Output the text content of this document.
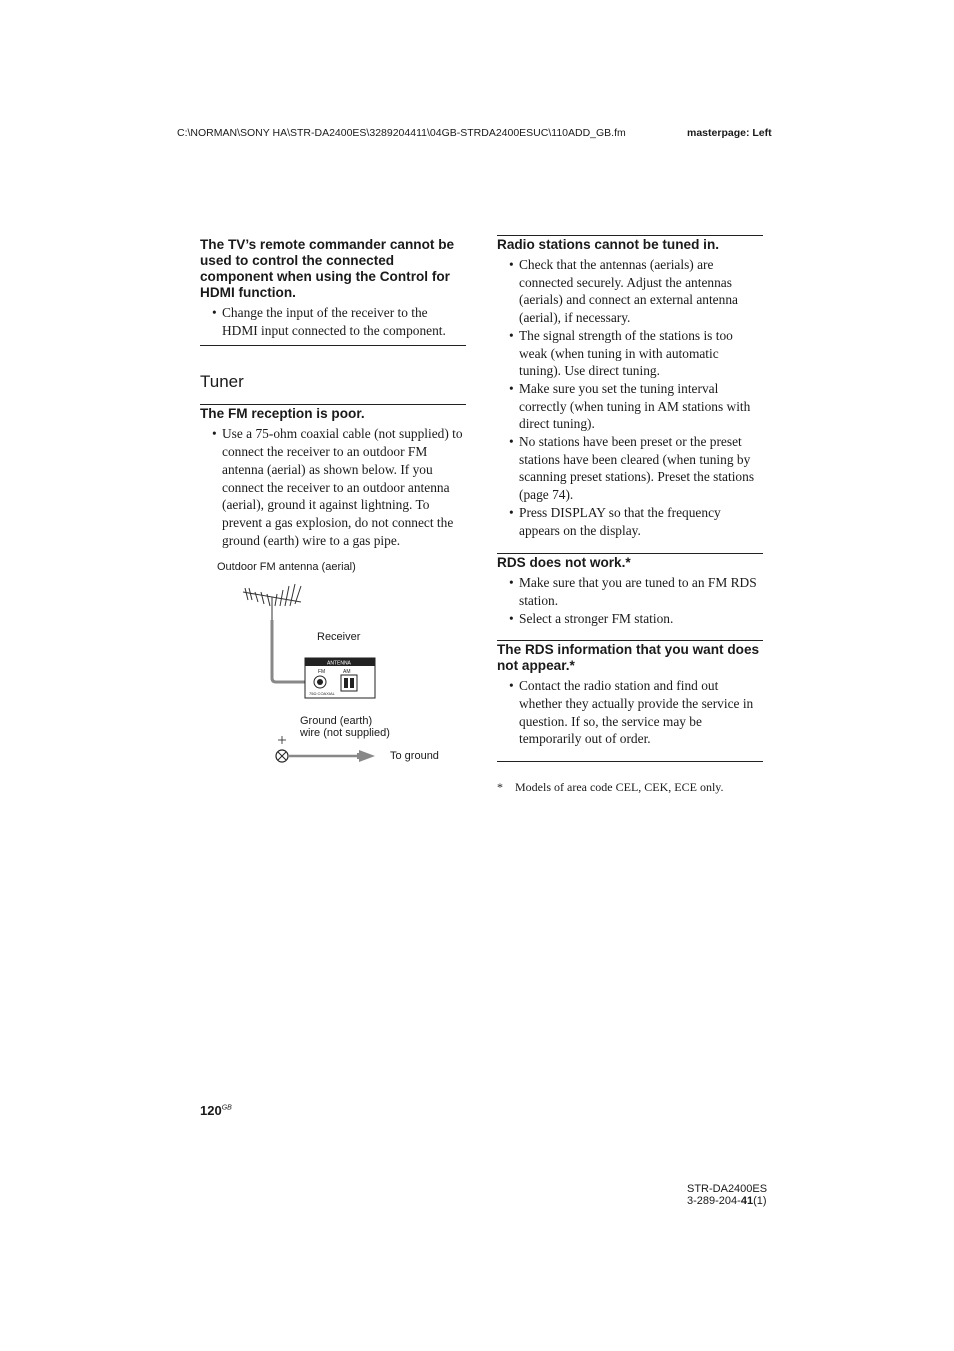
C:\NORMAN\SONY HA\STR-DA2400ES\3289204411\04GB-STRDA2400ESUC\110ADD_GB.fm	masterpage: Left
The TV’s remote commander cannot be used to control the connected component when using the Control for HDMI function.
• Change the input of the receiver to the HDMI input connected to the component.
Tuner
The FM reception is poor.
• Use a 75-ohm coaxial cable (not supplied) to connect the receiver to an outdoor FM antenna (aerial) as shown below. If you connect the receiver to an outdoor antenna (aerial), ground it against lightning. To prevent a gas explosion, do not connect the ground (earth) wire to a gas pipe.
Outdoor FM antenna (aerial)
Receiver
Ground (earth)
wire (not supplied)
To ground
ANTENNA
FM
75Ω COAXIAL
AM
Radio stations cannot be tuned in.
• Check that the antennas (aerials) are connected securely. Adjust the antennas (aerials) and connect an external antenna (aerial), if necessary.
• The signal strength of the stations is too weak (when tuning in with automatic tuning). Use direct tuning.
• Make sure you set the tuning interval correctly (when tuning in AM stations with direct tuning).
• No stations have been preset or the preset stations have been cleared (when tuning by scanning preset stations). Preset the stations (page 74).
• Press DISPLAY so that the frequency appears on the display.
RDS does not work.*
• Make sure that you are tuned to an FM RDS station.
• Select a stronger FM station.
The RDS information that you want does not appear.*
• Contact the radio station and find out whether they actually provide the service in question. If so, the service may be temporarily out of order.
* Models of area code CEL, CEK, ECE only.
$120^{GB}$
STR-DA2400ES
3-289-204-41(1)
